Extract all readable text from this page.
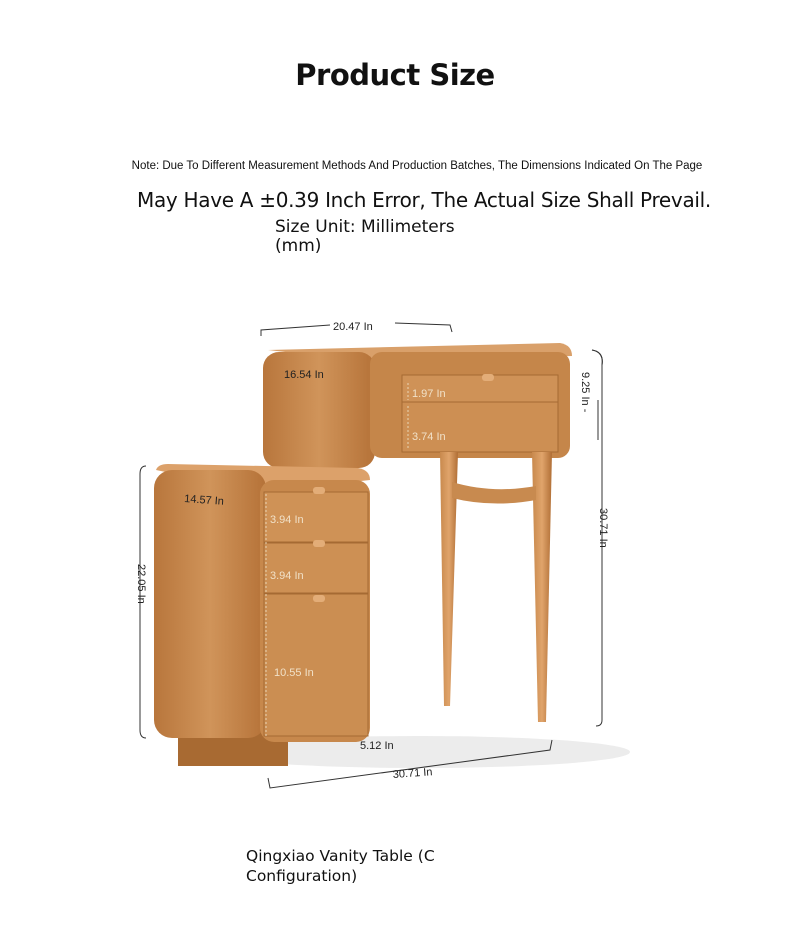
Product Size
Note: Due To Different Measurement Methods And Production Batches, The Dimensions Indicated On The Page
May Have A ±0.39 Inch Error, The Actual Size Shall Prevail.
Size Unit: Millimeters (mm)
20.47 In
16.54 In
1.97 In
3.74 In
9.25 In -
30.71 In
14.57 In
22.05 In
3.94 In
3.94 In
10.55 In
5.12 In
30.71 In
Qingxiao Vanity Table (C Configuration)
